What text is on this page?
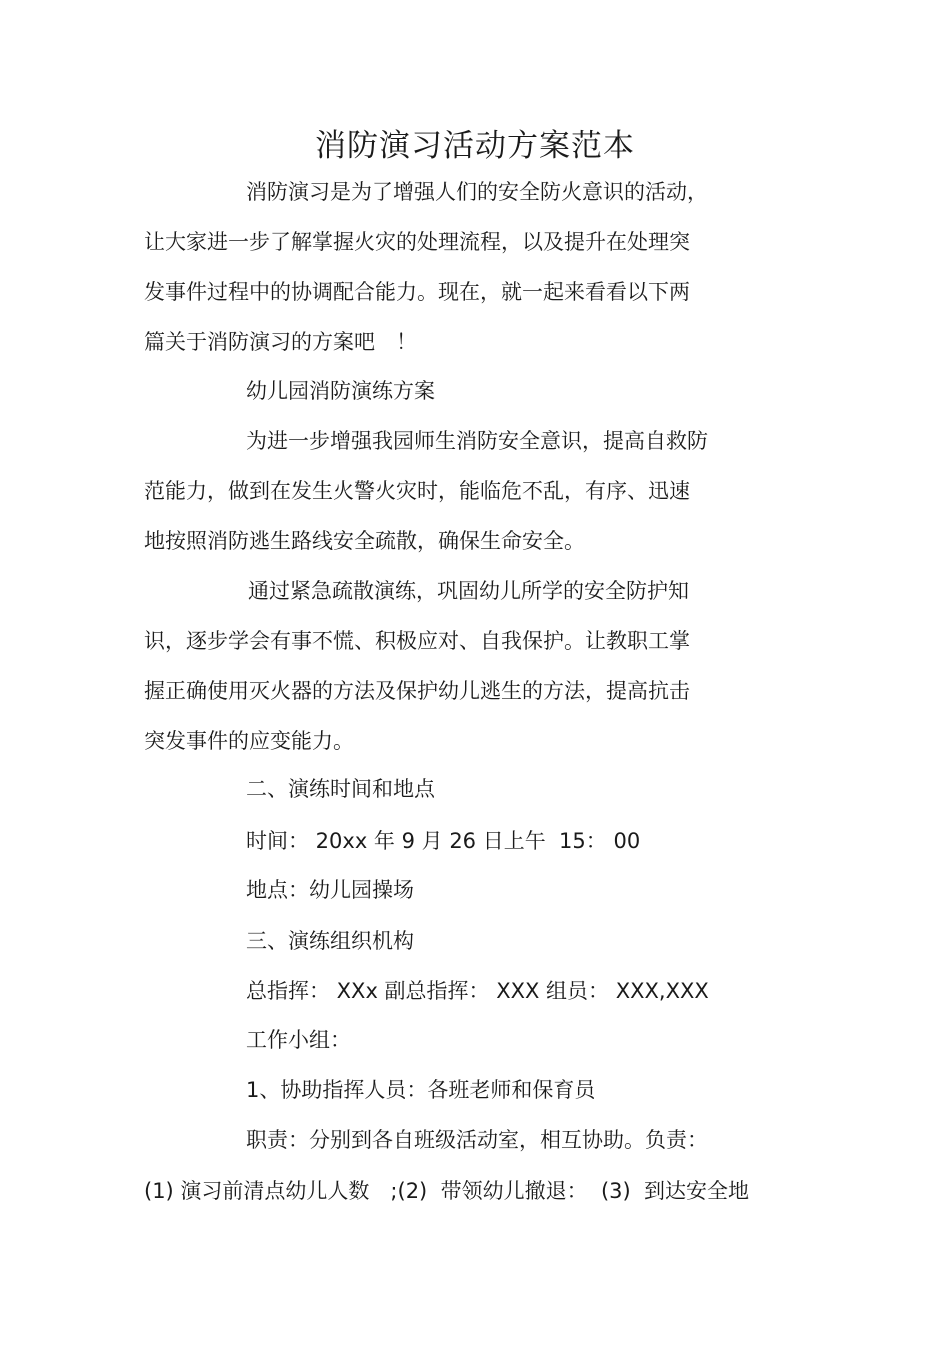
消防演习活动方案范本
消防演习是为了增强人们的安全防火意识的活动，
让大家进一步了解掌握火灾的处理流程，以及提升在处理突
发事件过程中的协调配合能力。现在，就一起来看看以下两
篇关于消防演习的方案吧　！
幼儿园消防演练方案
为进一步增强我园师生消防安全意识，提高自救防
范能力，做到在发生火警火灾时，能临危不乱，有序、迅速
地按照消防逃生路线安全疏散，确保生命安全。
通过紧急疏散演练，巩固幼儿所学的安全防护知
识，逐步学会有事不慌、积极应对、自我保护。让教职工掌
握正确使用灭火器的方法及保护幼儿逃生的方法，提高抗击
突发事件的应变能力。
二、演练时间和地点
时间： 20xx 年 9 月 26 日上午  15： 00
地点：幼儿园操场
三、演练组织机构
总指挥： XXx 副总指挥： XXX 组员： XXX,XXX
工作小组：
1、协助指挥人员：各班老师和保育员
职责：分别到各自班级活动室，相互协助。负责：
(1) 演习前清点幼儿人数　;(2)  带领幼儿撤退：  (3)  到达安全地
